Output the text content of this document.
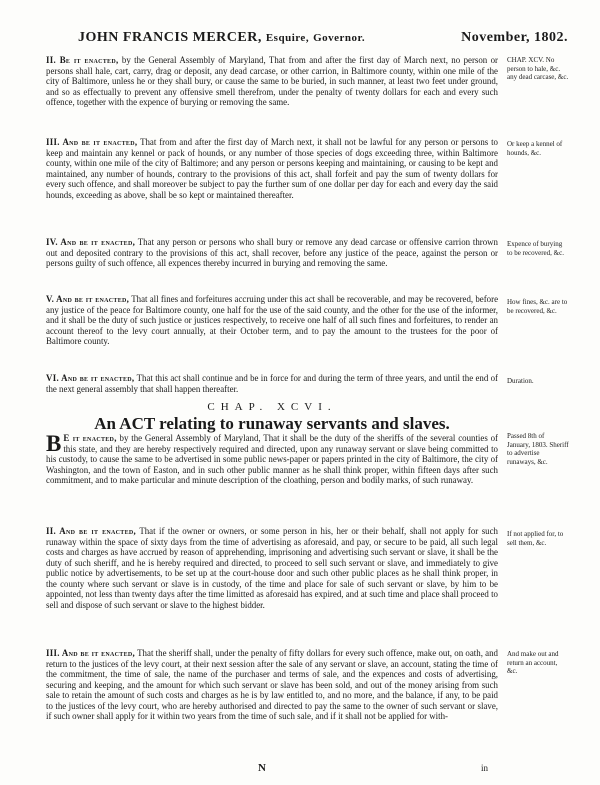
JOHN FRANCIS MERCER, Esquire, Governor.	November, 1802.
II. Be it enacted, by the General Assembly of Maryland, That from and after the first day of March next, no person or persons shall hale, cart, carry, drag or deposit, any dead carcase, or other carrion, in Baltimore county, within one mile of the city of Baltimore, unless he or they shall bury, or cause the same to be buried, in such manner, at least two feet under ground, and so as effectually to prevent any offensive smell therefrom, under the penalty of twenty dollars for each and every such offence, together with the expence of burying or removing the same.
CHAP. XCV. No person to hale, &c. any dead carcase, &c.
III. And be it enacted, That from and after the first day of March next, it shall not be lawful for any person or persons to keep and maintain any kennel or pack of hounds, or any number of those species of dogs exceeding three, within Baltimore county, within one mile of the city of Baltimore; and any person or persons keeping and maintaining, or causing to be kept and maintained, any number of hounds, contrary to the provisions of this act, shall forfeit and pay the sum of twenty dollars for every such offence, and shall moreover be subject to pay the further sum of one dollar per day for each and every day the said hounds, exceeding as above, shall be so kept or maintained thereafter.
Or keep a kennel of hounds, &c.
IV. And be it enacted, That any person or persons who shall bury or remove any dead carcase or offensive carrion thrown out and deposited contrary to the provisions of this act, shall recover, before any justice of the peace, against the person or persons guilty of such offence, all expences thereby incurred in burying and removing the same.
Expence of burying to be recovered, &c.
V. And be it enacted, That all fines and forfeitures accruing under this act shall be recoverable, and may be recovered, before any justice of the peace for Baltimore county, one half for the use of the said county, and the other for the use of the informer, and it shall be the duty of such justice or justices respectively, to receive one half of all such fines and forfeitures, to render an account thereof to the levy court annually, at their October term, and to pay the amount to the trustees for the poor of Baltimore county.
How fines, &c. are to be recovered, &c.
VI. And be it enacted, That this act shall continue and be in force for and during the term of three years, and until the end of the next general assembly that shall happen thereafter.
Duration.
CHAP. XCVI.
An ACT relating to runaway servants and slaves.
B E it enacted, by the General Assembly of Maryland, That it shall be the duty of the sheriffs of the several counties of this state, and they are hereby respectively required and directed, upon any runaway servant or slave being committed to his custody, to cause the same to be advertised in some public news-paper or papers printed in the city of Baltimore, the city of Washington, and the town of Easton, and in such other public manner as he shall think proper, within fifteen days after such commitment, and to make particular and minute description of the cloathing, person and bodily marks, of such runaway.
Passed 8th of January, 1803. Sheriff to advertise runaways, &c.
II. And be it enacted, That if the owner or owners, or some person in his, her or their behalf, shall not apply for such runaway within the space of sixty days from the time of advertising as aforesaid, and pay, or secure to be paid, all such legal costs and charges as have accrued by reason of apprehending, imprisoning and advertising such servant or slave, it shall be the duty of such sheriff, and he is hereby required and directed, to proceed to sell such servant or slave, and immediately to give public notice by advertisements, to be set up at the court-house door and such other public places as he shall think proper, in the county where such servant or slave is in custody, of the time and place for sale of such servant or slave, by him to be appointed, not less than twenty days after the time limitted as aforesaid has expired, and at such time and place shall proceed to sell and dispose of such servant or slave to the highest bidder.
If not applied for, to sell them, &c.
III. And be it enacted, That the sheriff shall, under the penalty of fifty dollars for every such offence, make out, on oath, and return to the justices of the levy court, at their next session after the sale of any servant or slave, an account, stating the time of the commitment, the time of sale, the name of the purchaser and terms of sale, and the expences and costs of advertising, securing and keeping, and the amount for which such servant or slave has been sold, and out of the money arising from such sale to retain the amount of such costs and charges as he is by law entitled to, and no more, and the balance, if any, to be paid to the justices of the levy court, who are hereby authorised and directed to pay the same to the owner of such servant or slave, if such owner shall apply for it within two years from the time of such sale, and if it shall not be applied for with-
And make out and return an account, &c.
N	in
